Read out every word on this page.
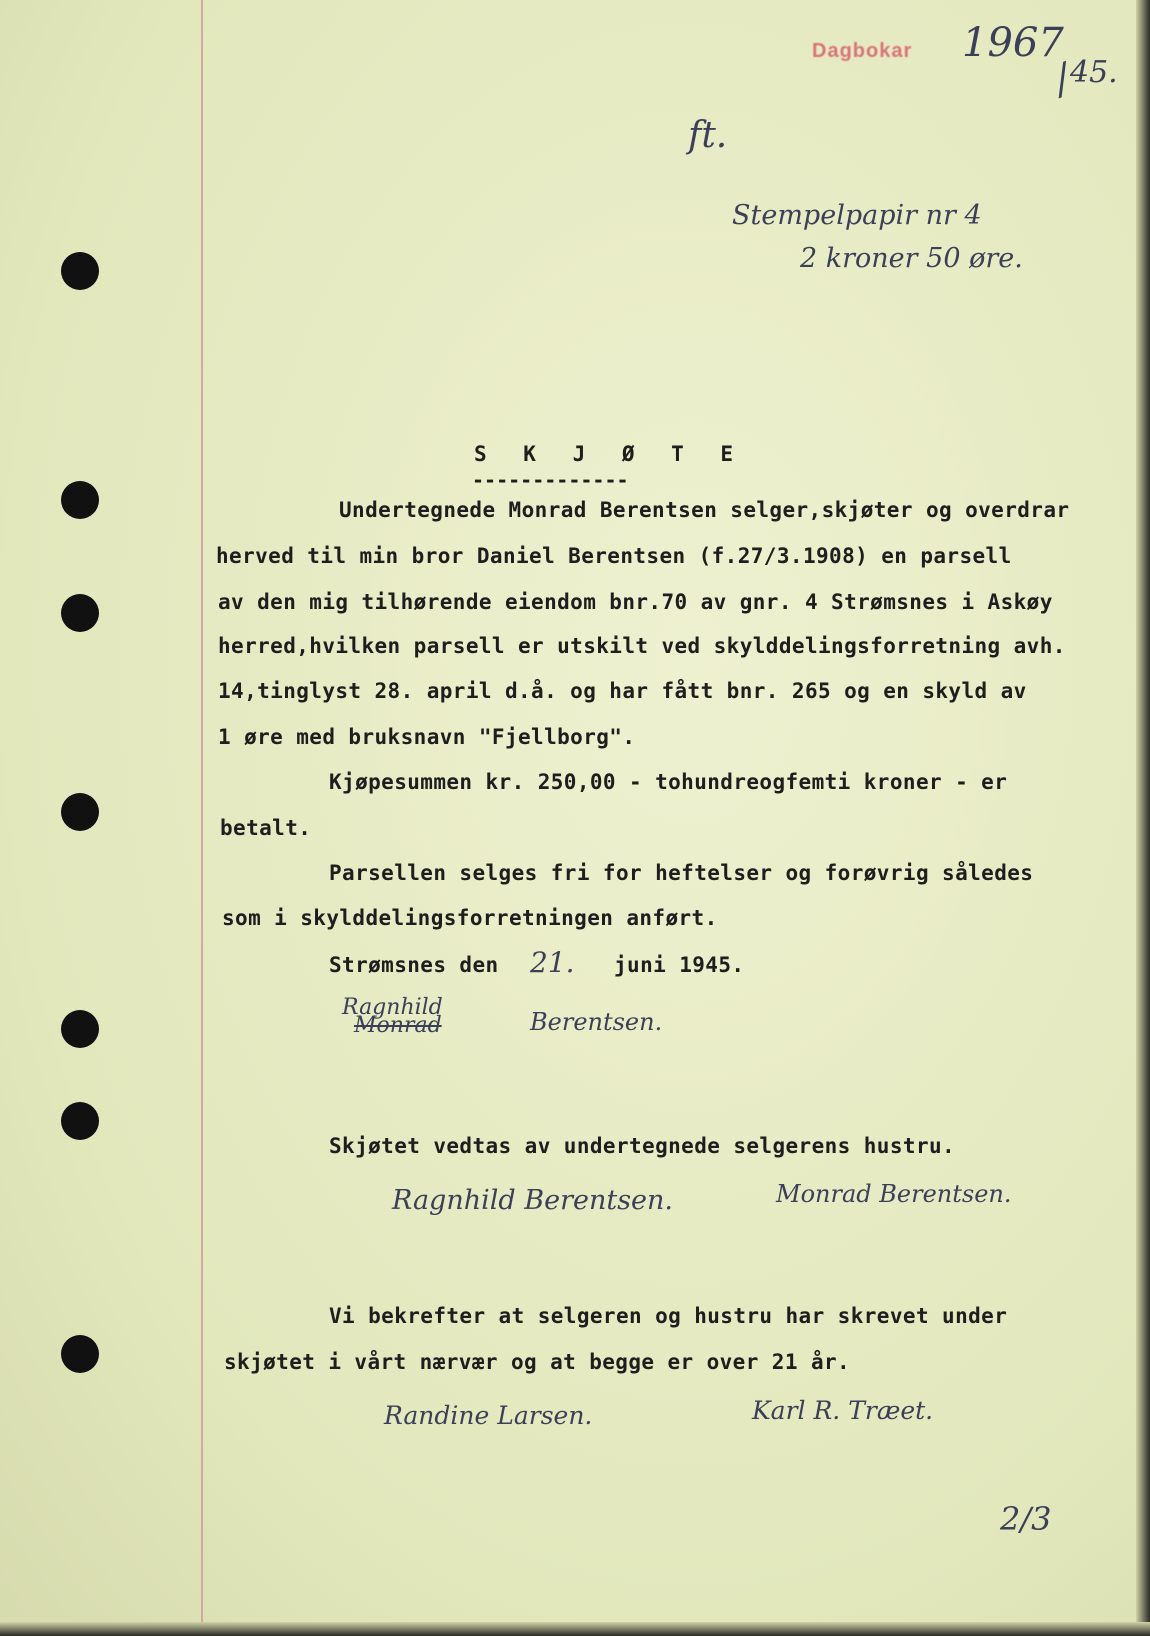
Dagbokar 1967
/
45.
ft.
Stempelpapir nr 4
2 kroner 50 øre.
S K J Ø T E
-------------
Undertegnede Monrad Berentsen selger,skjøter og overdrar
herved til min bror Daniel Berentsen (f.27/3.1908) en parsell
av den mig tilhørende eiendom bnr.70 av gnr. 4 Strømsnes i Askøy
herred,hvilken parsell er utskilt ved skylddelingsforretning avh.
14,tinglyst 28. april d.å. og har fått bnr. 265 og en skyld av
1 øre med bruksnavn "Fjellborg".
Kjøpesummen kr. 250,00 - tohundreogfemti kroner - er
betalt.
Parsellen selges fri for heftelser og forøvrig således
som i skylddelingsforretningen anført.
Strømsnes den 21. juni 1945.
Ragnhild
Monrad	Berentsen.
Skjøtet vedtas av undertegnede selgerens hustru.
Ragnhild Berentsen.	Monrad Berentsen.
Vi bekrefter at selgeren og hustru har skrevet under
skjøtet i vårt nærvær og at begge er over 21 år.
Randine Larsen.	Karl R. Træet.
2/3
